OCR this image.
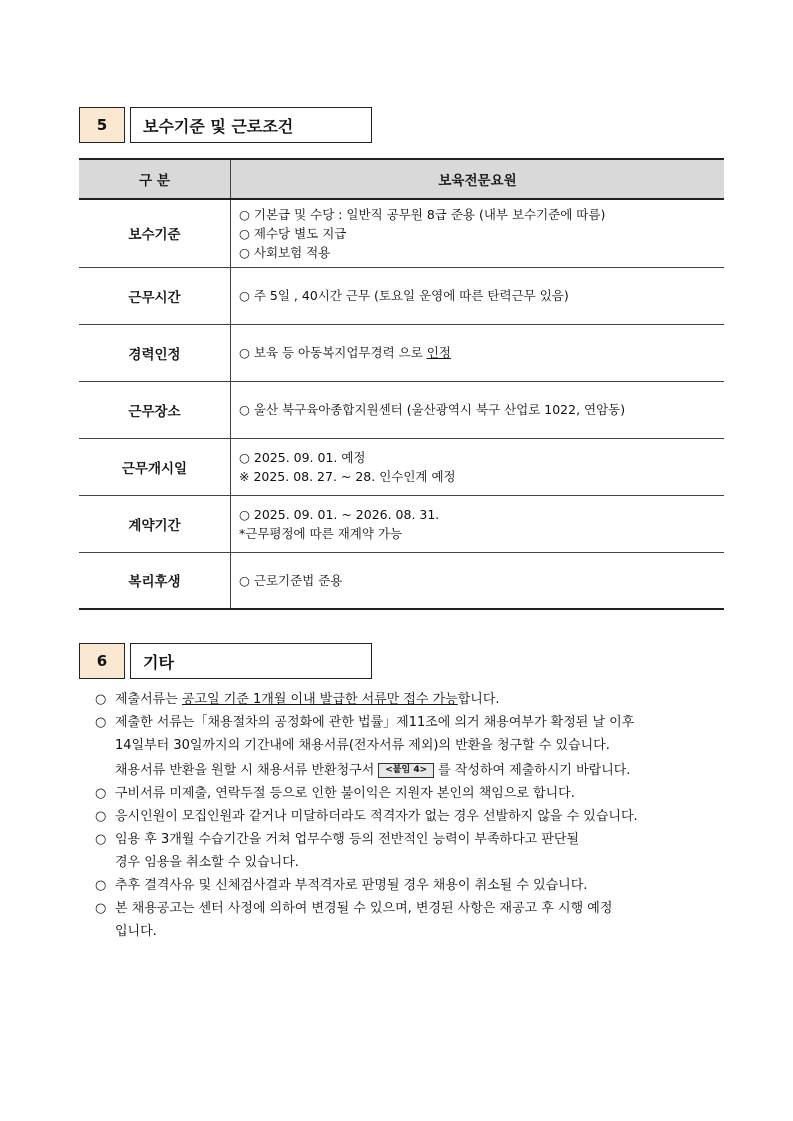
5	보수기준 및 근로조건
구 분	보육전문요원
보수기준	○ 기본급 및 수당 : 일반직 공무원 8급 준용 (내부 보수기준에 따름)
○ 제수당 별도 지급
○ 사회보험 적용

근무시간	○ 주 5일 , 40시간 근무 (토요일 운영에 따른 탄력근무 있음)

경력인정	○ 보육 등 아동복지업무경력 으로 인정

근무장소	○ 울산 북구육아종합지원센터 (울산광역시 북구 산업로 1022, 연암동)

근무개시일	○ 2025. 09. 01. 예정
※ 2025. 08. 27. ~ 28. 인수인계 예정

계약기간	○ 2025. 09. 01. ~ 2026. 08. 31.
*근무평정에 따른 재계약 가능

복리후생	○ 근로기준법 준용
6	기타
○ 제출서류는 공고일 기준 1개월 이내 발급한 서류만 접수 가능합니다.
○ 제출한 서류는「채용절차의 공정화에 관한 법률」제11조에 의거 채용여부가 확정된 날 이후
14일부터 30일까지의 기간내에 채용서류(전자서류 제외)의 반환을 청구할 수 있습니다.
채용서류 반환을 원할 시 채용서류 반환청구서 <붙임 4> 를 작성하여 제출하시기 바랍니다.
○ 구비서류 미제출, 연락두절 등으로 인한 불이익은 지원자 본인의 책임으로 합니다.
○ 응시인원이 모집인원과 같거나 미달하더라도 적격자가 없는 경우 선발하지 않을 수 있습니다.
○ 임용 후 3개월 수습기간을 거쳐 업무수행 등의 전반적인 능력이 부족하다고 판단될
경우 임용을 취소할 수 있습니다.
○ 추후 결격사유 및 신체검사결과 부적격자로 판명될 경우 채용이 취소될 수 있습니다.
○ 본 채용공고는 센터 사정에 의하여 변경될 수 있으며, 변경된 사항은 재공고 후 시행 예정
입니다.
